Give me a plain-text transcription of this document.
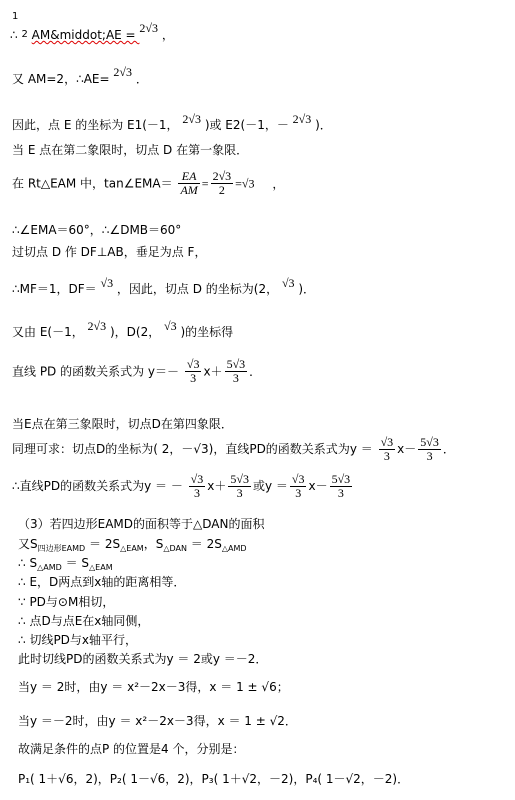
1
∴ 2 AM&middot;AE = 2√3 ，
又 AM=2，∴AE= 2√3 ．
因此，点 E 的坐标为 E1(－1， 2√3 )或 E2(－1，－ 2√3 )．
当 E 点在第二象限时，切点 D 在第一象限．
在 Rt△EAM 中，tan∠EMA＝ $\frac{EA}{AM} = \frac{2√3}{2} =√3$ ，
∴∠EMA＝60°，∴∠DMB＝60°
过切点 D 作 DF⊥AB，垂足为点 F，
∴MF＝1，DF＝ √3 ，因此，切点 D 的坐标为(2， √3 )．
又由 E(－1， 2√3 )，D(2， √3 )的坐标得
直线 PD 的函数关系式为 $y=- \frac{√3}{3} x+ \frac{5√3}{3}$ ．
当E点在第三象限时，切点D在第四象限．
同理可求：切点D的坐标为( 2，－√3)，直线PD的函数关系式为$y = \frac{√3}{3} x- \frac{5√3}{3}$ ．
∴直线PD的函数关系式为y ＝ － $\frac{√3}{3} x+ \frac{5√3}{3}$ 或$y = \frac{√3}{3} x- \frac{5√3}{3}$
（3）若四边形EAMD的面积等于△DAN的面积
又$S_{四边形EAMD} = 2S_{\triangle EAM}$，$S_{\triangle DAN} = 2S_{\triangle AMD}$
∴ $S_{\triangle AMD} = S_{\triangle EAM}$
∴ E，D两点到x轴的距离相等．
∵ PD与⊙M相切，
∴ 点D与点E在x轴同侧，
∴ 切线PD与x轴平行，
此时切线PD的函数关系式为y ＝ 2或y ＝－2．
当y ＝ 2时，由y ＝ x²－2x－3得，x ＝ 1 ± √6；
当y ＝－2时，由y ＝ x²－2x－3得，x ＝ 1 ± √2．
故满足条件的点P 的位置是4 个，分别是：
P₁( 1＋√6，2)，P₂( 1－√6，2)，P₃( 1＋√2，－2)，P₄( 1－√2，－2)．
